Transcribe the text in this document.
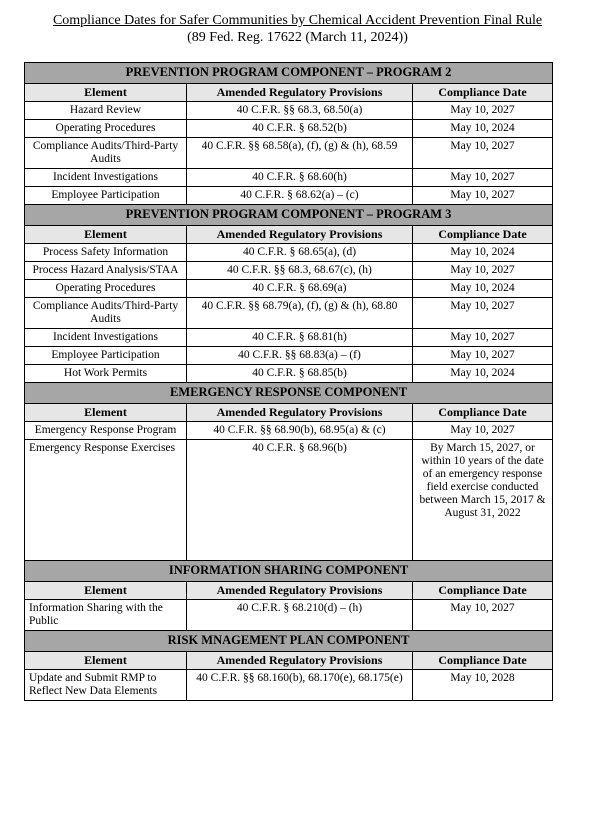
Compliance Dates for Safer Communities by Chemical Accident Prevention Final Rule
(89 Fed. Reg. 17622 (March 11, 2024))
PREVENTION PROGRAM COMPONENT – PROGRAM 2		
Element	Amended Regulatory Provisions	Compliance Date
Hazard Review	40 C.F.R. §§ 68.3, 68.50(a)	May 10, 2027
Operating Procedures	40 C.F.R. § 68.52(b)	May 10, 2024
Compliance Audits/Third-Party Audits	40 C.F.R. §§ 68.58(a), (f), (g) & (h), 68.59	May 10, 2027
Incident Investigations	40 C.F.R. § 68.60(h)	May 10, 2027
Employee Participation	40 C.F.R. § 68.62(a) – (c)	May 10, 2027
PREVENTION PROGRAM COMPONENT – PROGRAM 3		
Element	Amended Regulatory Provisions	Compliance Date
Process Safety Information	40 C.F.R. § 68.65(a), (d)	May 10, 2024
Process Hazard Analysis/STAA	40 C.F.R. §§ 68.3, 68.67(c), (h)	May 10, 2027
Operating Procedures	40 C.F.R. § 68.69(a)	May 10, 2024
Compliance Audits/Third-Party Audits	40 C.F.R. §§ 68.79(a), (f), (g) & (h), 68.80	May 10, 2027
Incident Investigations	40 C.F.R. § 68.81(h)	May 10, 2027
Employee Participation	40 C.F.R. §§ 68.83(a) – (f)	May 10, 2027
Hot Work Permits	40 C.F.R. § 68.85(b)	May 10, 2024
EMERGENCY RESPONSE COMPONENT		
Element	Amended Regulatory Provisions	Compliance Date
Emergency Response Program	40 C.F.R. §§ 68.90(b), 68.95(a) & (c)	May 10, 2027
Emergency Response Exercises	40 C.F.R. § 68.96(b)	By March 15, 2027, or within 10 years of the date of an emergency response field exercise conducted between March 15, 2017 & August 31, 2022
INFORMATION SHARING COMPONENT		
Element	Amended Regulatory Provisions	Compliance Date
Information Sharing with the Public	40 C.F.R. § 68.210(d) – (h)	May 10, 2027
RISK MNAGEMENT PLAN COMPONENT		
Element	Amended Regulatory Provisions	Compliance Date
Update and Submit RMP to Reflect New Data Elements	40 C.F.R. §§ 68.160(b), 68.170(e), 68.175(e)	May 10, 2028
